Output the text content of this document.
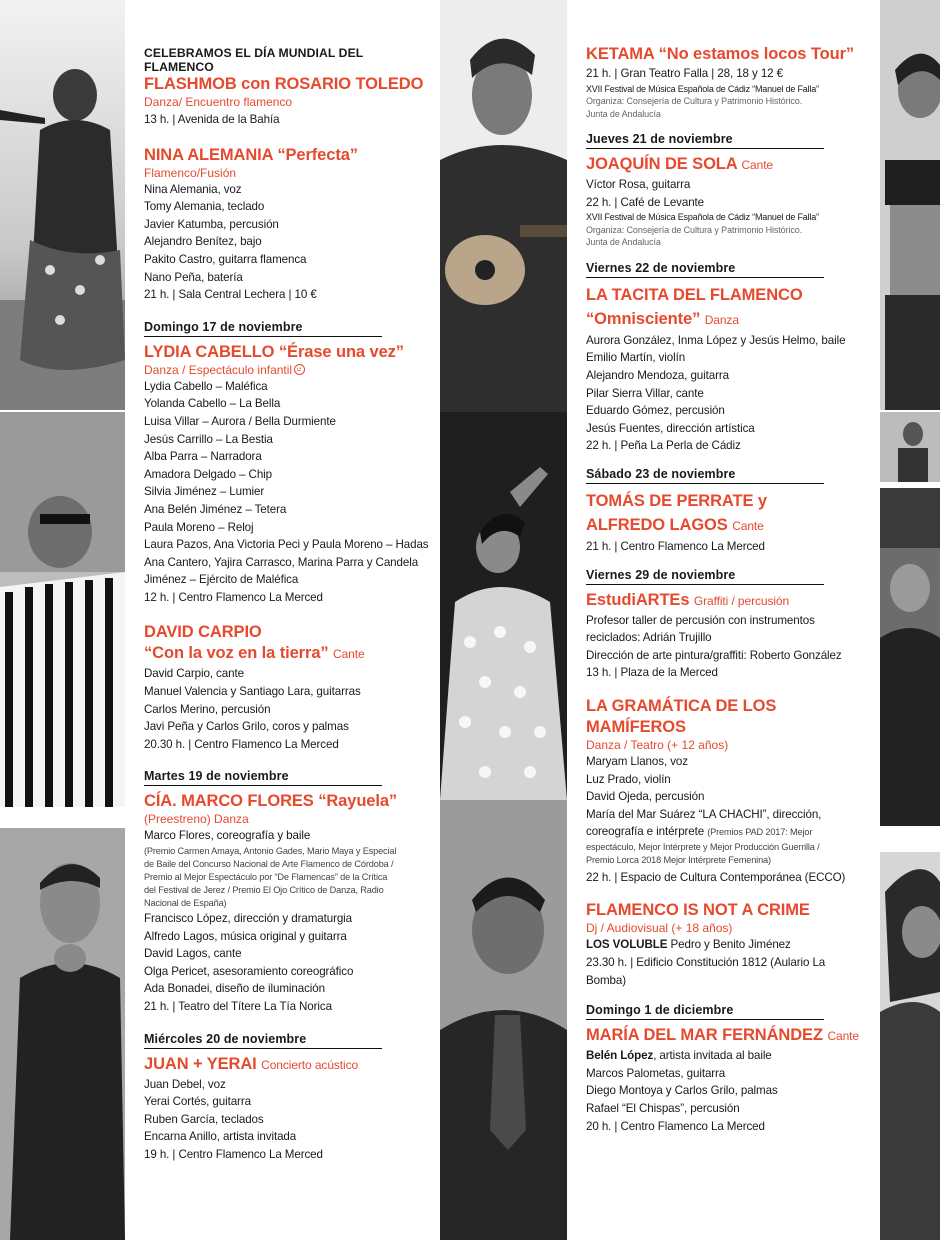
CELEBRAMOS EL DÍA MUNDIAL DEL FLAMENCO
FLASHMOB con ROSARIO TOLEDO
Danza/ Encuentro flamenco
13 h. | Avenida de la Bahía
NINA ALEMANIA “Perfecta”
Flamenco/Fusión
Nina Alemania, voz
Tomy Alemania, teclado
Javier Katumba, percusión
Alejandro Benítez, bajo
Pakito Castro, guitarra flamenca
Nano Peña, batería
21 h. | Sala Central Lechera | 10 €
Domingo 17 de noviembre
LYDIA CABELLO “Érase una vez”
Danza / Espectáculo infantil
Lydia Cabello – Maléfica
Yolanda Cabello – La Bella
Luisa Villar – Aurora / Bella Durmiente
Jesús Carrillo – La Bestia
Alba Parra – Narradora
Amadora Delgado – Chip
Silvia Jiménez – Lumier
Ana Belén Jiménez – Tetera
Paula Moreno – Reloj
Laura Pazos, Ana Victoria Peci y Paula Moreno – Hadas
Ana Cantero, Yajira Carrasco, Marina Parra y Candela
Jiménez – Ejército de Maléfica
12 h. | Centro Flamenco La Merced
DAVID CARPIO
“Con la voz en la tierra” Cante
David Carpio, cante
Manuel Valencia y Santiago Lara, guitarras
Carlos Merino, percusión
Javi Peña y Carlos Grilo, coros y palmas
20.30 h. | Centro Flamenco La Merced
Martes 19 de noviembre
CÍA. MARCO FLORES “Rayuela”
(Preestreno) Danza
Marco Flores, coreografía y baile
(Premio Carmen Amaya, Antonio Gades, Mario Maya y Especial
de Baile del Concurso Nacional de Arte Flamenco de Córdoba /
Premio al Mejor Espectáculo por “De Flamencas” de la Crítica
del Festival de Jerez / Premio El Ojo Crítico de Danza, Radio
Nacional de España)
Francisco López, dirección y dramaturgia
Alfredo Lagos, música original y guitarra
David Lagos, cante
Olga Pericet, asesoramiento coreográfico
Ada Bonadei, diseño de iluminación
21 h. | Teatro del Títere La Tía Norica
Miércoles 20 de noviembre
JUAN + YERAI Concierto acústico
Juan Debel, voz
Yerai Cortés, guitarra
Ruben García, teclados
Encarna Anillo, artista invitada
19 h. | Centro Flamenco La Merced
KETAMA “No estamos locos Tour”
21 h. | Gran Teatro Falla | 28, 18 y 12 €
XVII Festival de Música Española de Cádiz “Manuel de Falla”
Organiza: Consejería de Cultura y Patrimonio Histórico.
Junta de Andalucía
Jueves 21 de noviembre
JOAQUÍN DE SOLA Cante
Víctor Rosa, guitarra
22 h. | Café de Levante
XVII Festival de Música Española de Cádiz “Manuel de Falla”
Organiza: Consejería de Cultura y Patrimonio Histórico.
Junta de Andalucía
Viernes 22 de noviembre
LA TACITA DEL FLAMENCO
“Omnisciente” Danza
Aurora González, Inma López y Jesús Helmo, baile
Emilio Martín, violín
Alejandro Mendoza, guitarra
Pilar Sierra Villar, cante
Eduardo Gómez, percusión
Jesús Fuentes, dirección artística
22 h. | Peña La Perla de Cádiz
Sábado 23 de noviembre
TOMÁS DE PERRATE y
ALFREDO LAGOS Cante
21 h. | Centro Flamenco La Merced
Viernes 29 de noviembre
EstudiARTEs Graffiti / percusión
Profesor taller de percusión con instrumentos
reciclados: Adrián Trujillo
Dirección de arte pintura/graffiti: Roberto González
13 h. | Plaza de la Merced
LA GRAMÁTICA DE LOS MAMÍFEROS
Danza / Teatro (+ 12 años)
Maryam Llanos, voz
Luz Prado, violín
David Ojeda, percusión
María del Mar Suárez “LA CHACHI”, dirección,
coreografía e intérprete (Premios PAD 2017: Mejor
espectáculo, Mejor Intérprete y Mejor Producción Guerrilla /
Premio Lorca 2018 Mejor Intérprete Femenina)
22 h. | Espacio de Cultura Contemporánea (ECCO)
FLAMENCO IS NOT A CRIME
Dj / Audiovisual (+ 18 años)
LOS VOLUBLE Pedro y Benito Jiménez
23.30 h. | Edificio Constitución 1812 (Aulario La
Bomba)
Domingo 1 de diciembre
MARÍA DEL MAR FERNÁNDEZ Cante
Belén López, artista invitada al baile
Marcos Palometas, guitarra
Diego Montoya y Carlos Grilo, palmas
Rafael “El Chispas”, percusión
20 h. | Centro Flamenco La Merced
